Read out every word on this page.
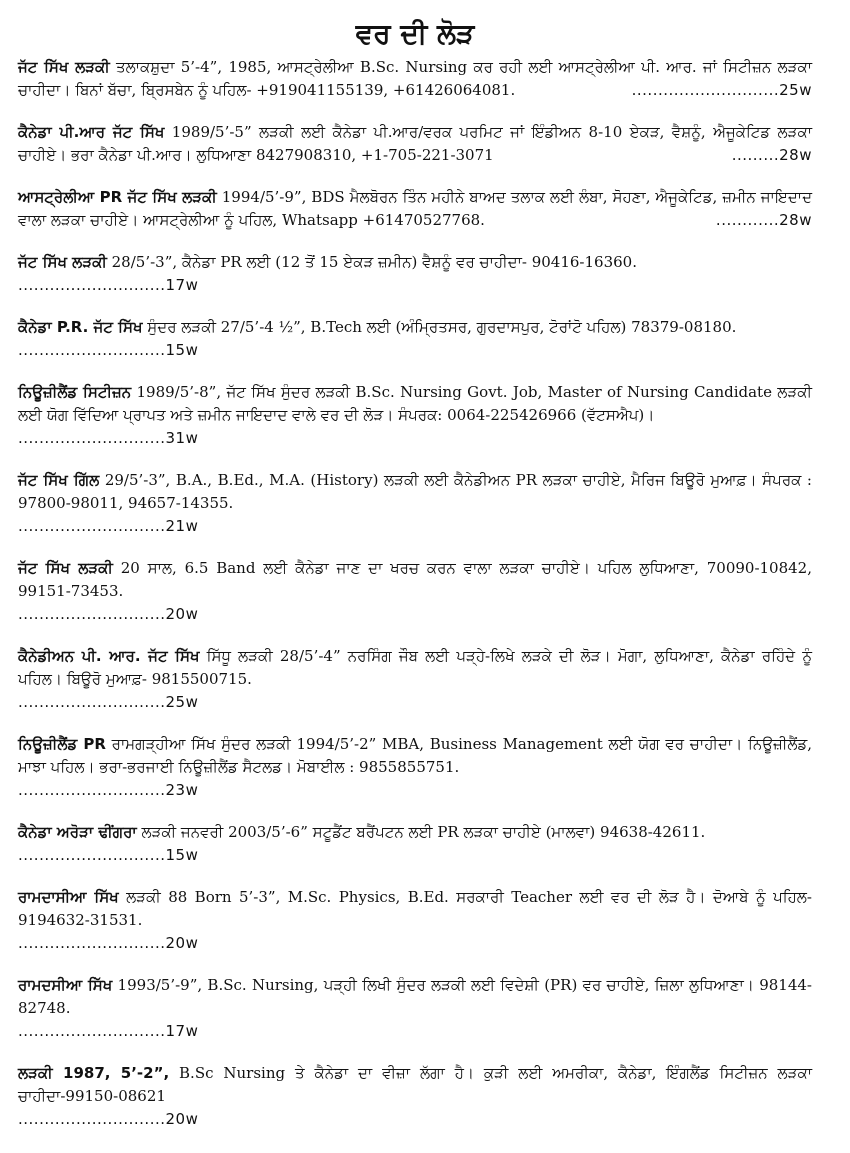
ਵਰ ਦੀ ਲੋੜ
ਜੱਟ ਸਿੱਖ ਲੜਕੀ ਤਲਾਕਸ਼ੁਦਾ 5’-4”, 1985, ਆਸਟ੍ਰੇਲੀਆ B.Sc. Nursing ਕਰ ਰਹੀ ਲਈ ਆਸਟ੍ਰੇਲੀਆ ਪੀ. ਆਰ. ਜਾਂ ਸਿਟੀਜ਼ਨ ਲੜਕਾ ਚਾਹੀਦਾ। ਬਿਨਾਂ ਬੱਚਾ, ਬ੍ਰਿਸਬੇਨ ਨੂੰ ਪਹਿਲ- +919041155139, +61426064081.	............................25w
ਕੈਨੇਡਾ ਪੀ.ਆਰ ਜੱਟ ਸਿੱਖ 1989/5’-5” ਲੜਕੀ ਲਈ ਕੈਨੇਡਾ ਪੀ.ਆਰ/ਵਰਕ ਪਰਮਿਟ ਜਾਂ ਇੰਡੀਅਨ 8-10 ਏਕੜ, ਵੈਸ਼ਨੂੰ, ਐਜੂਕੇਟਿਡ ਲੜਕਾ ਚਾਹੀਏ। ਭਰਾ ਕੈਨੇਡਾ ਪੀ.ਆਰ। ਲੁਧਿਆਣਾ 8427908310, +1-705-221-3071	.........28w
ਆਸਟ੍ਰੇਲੀਆ PR ਜੱਟ ਸਿੱਖ ਲੜਕੀ 1994/5’-9”, BDS ਮੈਲਬੋਰਨ ਤਿੰਨ ਮਹੀਨੇ ਬਾਅਦ ਤਲਾਕ ਲਈ ਲੰਬਾ, ਸੋਹਣਾ, ਐਜੂਕੇਟਿਡ, ਜ਼ਮੀਨ ਜਾਇਦਾਦ ਵਾਲਾ ਲੜਕਾ ਚਾਹੀਏ। ਆਸਟ੍ਰੇਲੀਆ ਨੂੰ ਪਹਿਲ, Whatsapp +61470527768.	............28w
ਜੱਟ ਸਿੱਖ ਲੜਕੀ 28/5’-3”, ਕੈਨੇਡਾ PR ਲਈ (12 ਤੋਂ 15 ਏਕੜ ਜ਼ਮੀਨ) ਵੈਸ਼ਨੂੰ ਵਰ ਚਾਹੀਦਾ- 90416-16360.
............................17w
ਕੈਨੇਡਾ P.R. ਜੱਟ ਸਿੱਖ ਸੁੰਦਰ ਲੜਕੀ 27/5’-4 ½”, B.Tech ਲਈ (ਅੰਮ੍ਰਿਤਸਰ, ਗੁਰਦਾਸਪੁਰ, ਟੋਰਾਂਟੋ ਪਹਿਲ) 78379-08180.
............................15w
ਨਿਊਜ਼ੀਲੈਂਡ ਸਿਟੀਜ਼ਨ 1989/5’-8”, ਜੱਟ ਸਿੱਖ ਸੁੰਦਰ ਲੜਕੀ B.Sc. Nursing Govt. Job, Master of Nursing Candidate ਲੜਕੀ ਲਈ ਯੋਗ ਵਿੱਦਿਆ ਪ੍ਰਾਪਤ ਅਤੇ ਜ਼ਮੀਨ ਜਾਇਦਾਦ ਵਾਲੇ ਵਰ ਦੀ ਲੋੜ। ਸੰਪਰਕ: 0064-225426966 (ਵੱਟਸਐਪ)।
............................31w
ਜੱਟ ਸਿੱਖ ਗਿੱਲ 29/5’-3”, B.A., B.Ed., M.A. (History) ਲੜਕੀ ਲਈ ਕੈਨੇਡੀਅਨ PR ਲੜਕਾ ਚਾਹੀਏ, ਮੈਰਿਜ ਬਿਊਰੋ ਮੁਆਫ਼। ਸੰਪਰਕ : 97800-98011, 94657-14355.
............................21w
ਜੱਟ ਸਿੱਖ ਲੜਕੀ 20 ਸਾਲ, 6.5 Band ਲਈ ਕੈਨੇਡਾ ਜਾਣ ਦਾ ਖਰਚ ਕਰਨ ਵਾਲਾ ਲੜਕਾ ਚਾਹੀਏ। ਪਹਿਲ ਲੁਧਿਆਣਾ, 70090-10842, 99151-73453.
............................20w
ਕੈਨੇਡੀਅਨ ਪੀ. ਆਰ. ਜੱਟ ਸਿੱਖ ਸਿੱਧੂ ਲੜਕੀ 28/5’-4” ਨਰਸਿੰਗ ਜੌਬ ਲਈ ਪੜ੍ਹੇ-ਲਿਖੇ ਲੜਕੇ ਦੀ ਲੋੜ। ਮੋਗਾ, ਲੁਧਿਆਣਾ, ਕੈਨੇਡਾ ਰਹਿੰਦੇ ਨੂੰ ਪਹਿਲ। ਬਿਊਰੋ ਮੁਆਫ਼- 9815500715.
............................25w
ਨਿਊਜ਼ੀਲੈਂਡ PR ਰਾਮਗੜ੍ਹੀਆ ਸਿੱਖ ਸੁੰਦਰ ਲੜਕੀ 1994/5’-2” MBA, Business Management ਲਈ ਯੋਗ ਵਰ ਚਾਹੀਦਾ। ਨਿਊਜ਼ੀਲੈਂਡ, ਮਾਝਾ ਪਹਿਲ। ਭਰਾ-ਭਰਜਾਈ ਨਿਊਜ਼ੀਲੈਂਡ ਸੈਟਲਡ। ਮੋਬਾਈਲ : 9855855751.
............................23w
ਕੈਨੇਡਾ ਅਰੋੜਾ ਢੀਂਗਰਾ ਲੜਕੀ ਜਨਵਰੀ 2003/5’-6” ਸਟੂਡੈਂਟ ਬਰੈਂਪਟਨ ਲਈ PR ਲੜਕਾ ਚਾਹੀਏ (ਮਾਲਵਾ) 94638-42611.
............................15w
ਰਾਮਦਾਸੀਆ ਸਿੱਖ ਲੜਕੀ 88 Born 5’-3”, M.Sc. Physics, B.Ed. ਸਰਕਾਰੀ Teacher ਲਈ ਵਰ ਦੀ ਲੋੜ ਹੈ। ਦੋਆਬੇ ਨੂੰ ਪਹਿਲ- 9194632-31531.
............................20w
ਰਾਮਦਸੀਆ ਸਿੱਖ 1993/5’-9”, B.Sc. Nursing, ਪੜ੍ਹੀ ਲਿਖੀ ਸੁੰਦਰ ਲੜਕੀ ਲਈ ਵਿਦੇਸ਼ੀ (PR) ਵਰ ਚਾਹੀਏ, ਜ਼ਿਲਾ ਲੁਧਿਆਣਾ। 98144-82748.
............................17w
ਲੜਕੀ 1987, 5’-2”, B.Sc Nursing ਤੇ ਕੈਨੇਡਾ ਦਾ ਵੀਜ਼ਾ ਲੱਗਾ ਹੈ। ਕੁੜੀ ਲਈ ਅਮਰੀਕਾ, ਕੈਨੇਡਾ, ਇੰਗਲੈਂਡ ਸਿਟੀਜ਼ਨ ਲੜਕਾ ਚਾਹੀਦਾ-99150-08621
............................20w
